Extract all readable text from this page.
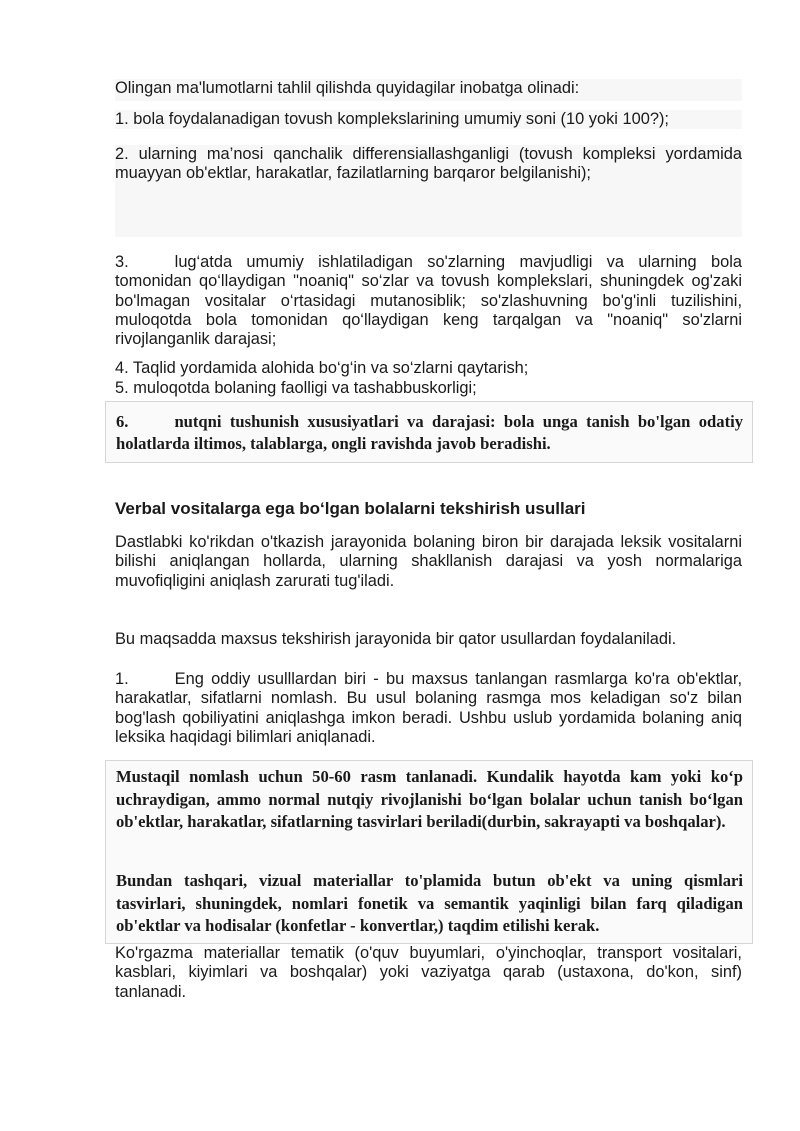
Olingan ma'lumotlarni tahlil qilishda quyidagilar inobatga olinadi:

1. bola foydalanadigan tovush komplekslarining umumiy soni (10 yoki 100?);

2. ularning ma’nosi qanchalik differensiallashganligi (tovush kompleksi yordamida muayyan ob'ektlar, harakatlar, fazilatlarning barqaror belgilanishi);

3.	lug‘atda umumiy ishlatiladigan so'zlarning mavjudligi va ularning bola tomonidan qo‘llaydigan "noaniq" so‘zlar va tovush komplekslari, shuningdek og'zaki bo'lmagan vositalar o‘rtasidagi mutanosiblik; so'zlashuvning bo'g'inli tuzilishini, muloqotda bola tomonidan qo‘llaydigan keng tarqalgan va "noaniq" so'zlarni rivojlanganlik darajasi;

4. Taqlid yordamida alohida bo‘g‘in va so‘zlarni qaytarish;

5. muloqotda bolaning faolligi va tashabbuskorligi;

6.	nutqni tushunish xususiyatlari va darajasi: bola unga tanish bo'lgan odatiy holatlarda iltimos, talablarga, ongli ravishda javob beradishi.

Verbal vositalarga ega bo‘lgan bolalarni tekshirish usullari

Dastlabki ko'rikdan o'tkazish jarayonida bolaning biron bir darajada leksik vositalarni bilishi aniqlangan hollarda, ularning shakllanish darajasi va yosh normalariga muvofiqligini aniqlash zarurati tug'iladi.

Bu maqsadda maxsus tekshirish jarayonida bir qator usullardan foydalaniladi.

1.	Eng oddiy usulllardan biri - bu maxsus tanlangan rasmlarga ko'ra ob'ektlar, harakatlar, sifatlarni nomlash. Bu usul bolaning rasmga mos keladigan so'z bilan bog'lash qobiliyatini aniqlashga imkon beradi. Ushbu uslub yordamida bolaning aniq leksika haqidagi bilimlari aniqlanadi.

Mustaqil nomlash uchun 50-60 rasm tanlanadi. Kundalik hayotda kam yoki ko‘p uchraydigan, ammo normal nutqiy rivojlanishi bo‘lgan bolalar uchun tanish bo‘lgan ob'ektlar, harakatlar, sifatlarning tasvirlari beriladi(durbin, sakrayapti va boshqalar).

Bundan tashqari, vizual materiallar to'plamida butun ob'ekt va uning qismlari tasvirlari, shuningdek, nomlari fonetik va semantik yaqinligi bilan farq qiladigan ob'ektlar va hodisalar (konfetlar - konvertlar,) taqdim etilishi kerak.

Ko'rgazma materiallar tematik (o'quv buyumlari, o'yinchoqlar, transport vositalari, kasblari, kiyimlari va boshqalar) yoki vaziyatga qarab (ustaxona, do'kon, sinf) tanlanadi.
